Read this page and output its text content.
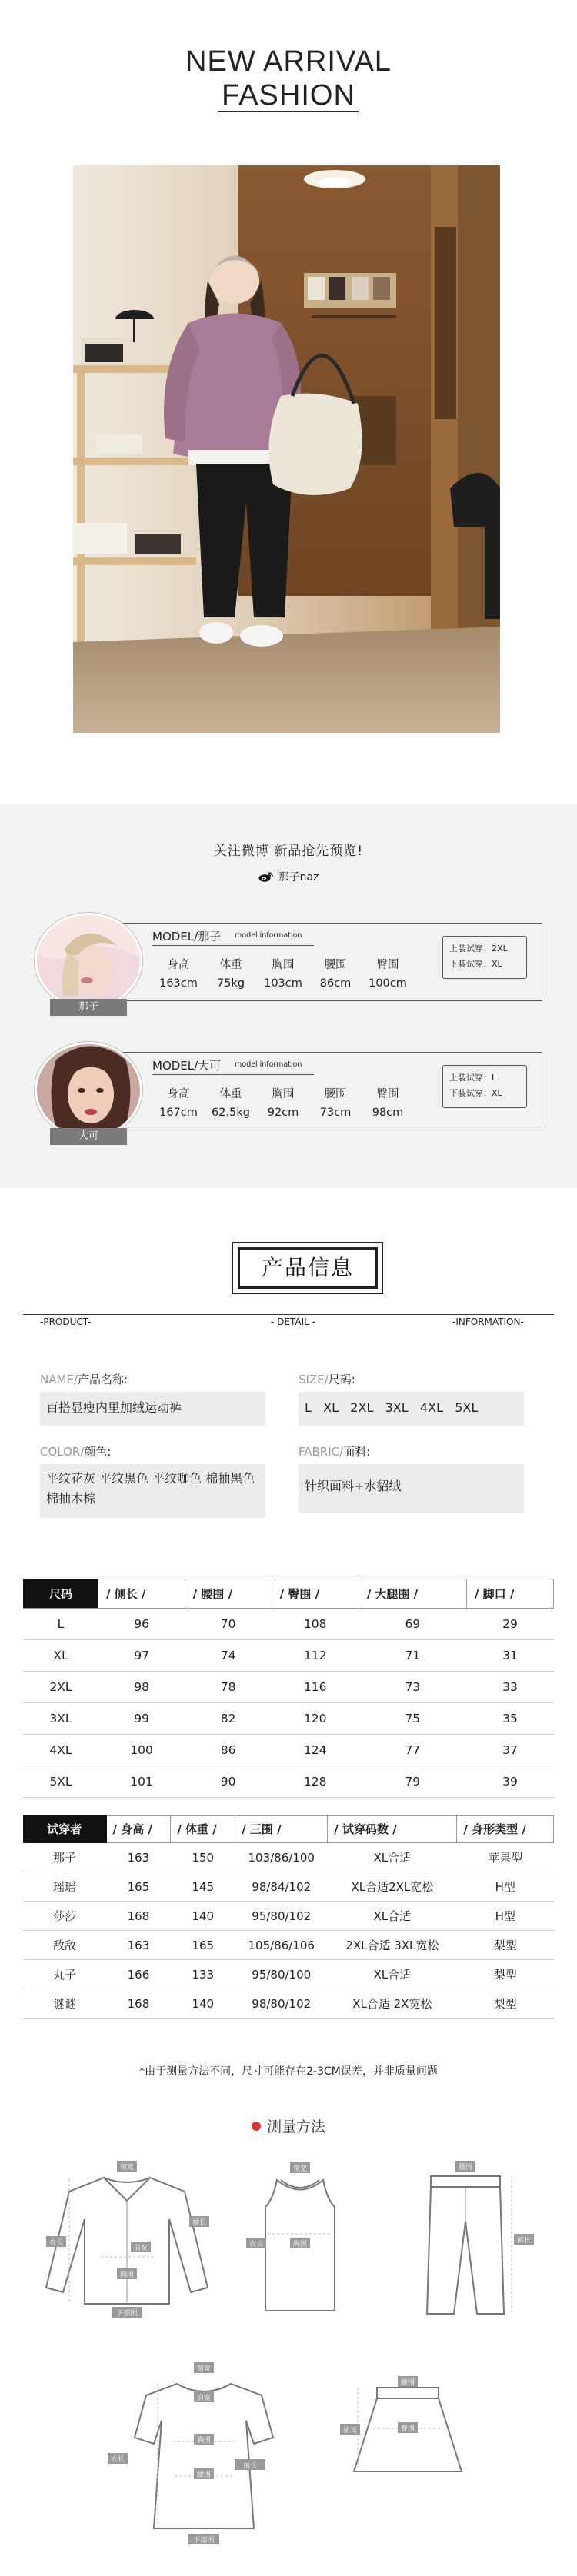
NEW ARRIVAL
FASHION
关注微博 新品抢先预览!
那子naz
那子
MODEL/那子 model information
身高	体重	胸围	腰围	臀围
163cm	75kg	103cm	86cm	100cm
上装试穿：2XL
下装试穿：XL
大可
MODEL/大可 model information
身高	体重	胸围	腰围	臀围
167cm	62.5kg	92cm	73cm	98cm
上装试穿：L
下装试穿：XL
产品信息
-PRODUCT-	- DETAIL -	-INFORMATION-
NAME/产品名称:
百搭显瘦内里加绒运动裤
SIZE/尺码:
L   XL   2XL   3XL   4XL   5XL
COLOR/颜色:
平纹花灰 平纹黑色 平纹咖色 棉抽黑色 棉抽木棕
FABRIC/面料:
针织面料+水貂绒
尺码	/ 侧长 /	/ 腰围 /	/ 臀围 /	/ 大腿围 /	/ 脚口 /
L	96	70	108	69	29
XL	97	74	112	71	31
2XL	98	78	116	73	33
3XL	99	82	120	75	35
4XL	100	86	124	77	37
5XL	101	90	128	79	39
试穿者	/ 身高 /	/ 体重 /	/ 三围 /	/ 试穿码数 /	/ 身形类型 /
那子	163	150	103/86/100	XL合适	苹果型
瑶瑶	165	145	98/84/102	XL合适2XL宽松	H型
莎莎	168	140	95/80/102	XL合适	H型
敌敌	163	165	105/86/106	2XL合适 3XL宽松	梨型
丸子	166	133	95/80/100	XL合适	梨型
谜谜	168	140	98/80/102	XL合适 2X宽松	梨型
*由于测量方法不同，尺寸可能存在2-3CM误差，并非质量问题
测量方法
领宽
衣长
袖长
胸围
肩宽
下摆围
领宽
衣长	胸围
腰围
裤长
领宽
肩宽
衣长
胸围
腰围
袖长
下摆围
腰围
裙长	臀围
